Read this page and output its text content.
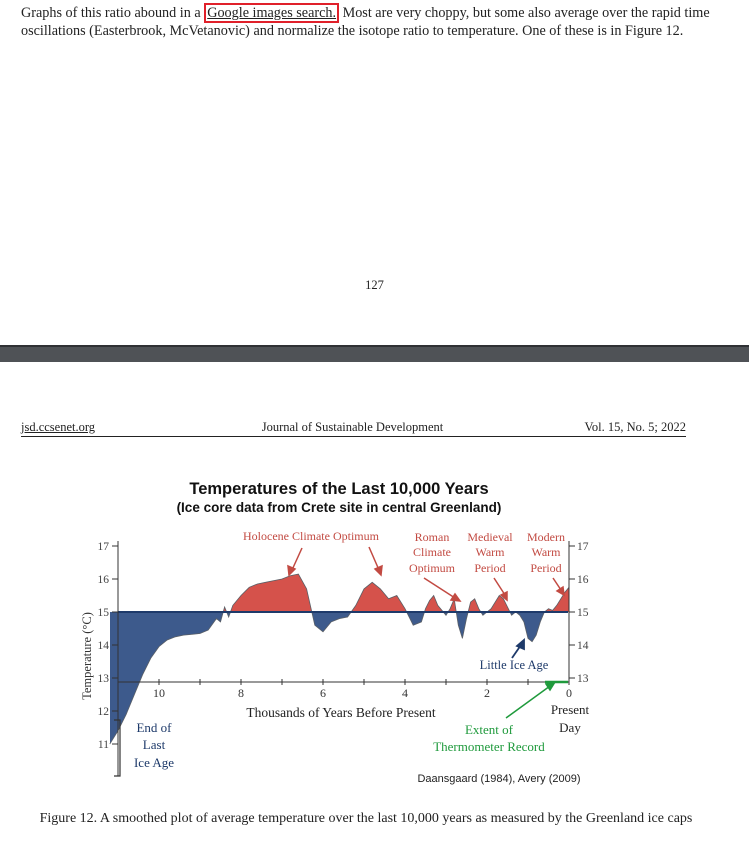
Graphs of this ratio abound in a Google images search. Most are very choppy, but some also average over the rapid time oscillations (Easterbrook, McVetanovic) and normalize the isotope ratio to temperature. One of these is in Figure 12.
127
jsd.ccsenet.org	Journal of Sustainable Development	Vol. 15, No. 5; 2022
Temperatures of the Last 10,000 Years
(Ice core data from Crete site in central Greenland)
11
12
13
14
15
16
17
13
14
15
16
17
10	8	6	4	2	0
Temperature (°C)
Thousands of Years Before Present
Holocene Climate Optimum	Roman
Climate
Optimum
Medieval
Warm
Period
Modern
Warm
Period
Little Ice Age
End of
Last
Ice Age
Present
Day
Extent of
Thermometer Record
Daansgaard (1984), Avery (2009)
Figure 12. A smoothed plot of average temperature over the last 10,000 years as measured by the Greenland ice caps
